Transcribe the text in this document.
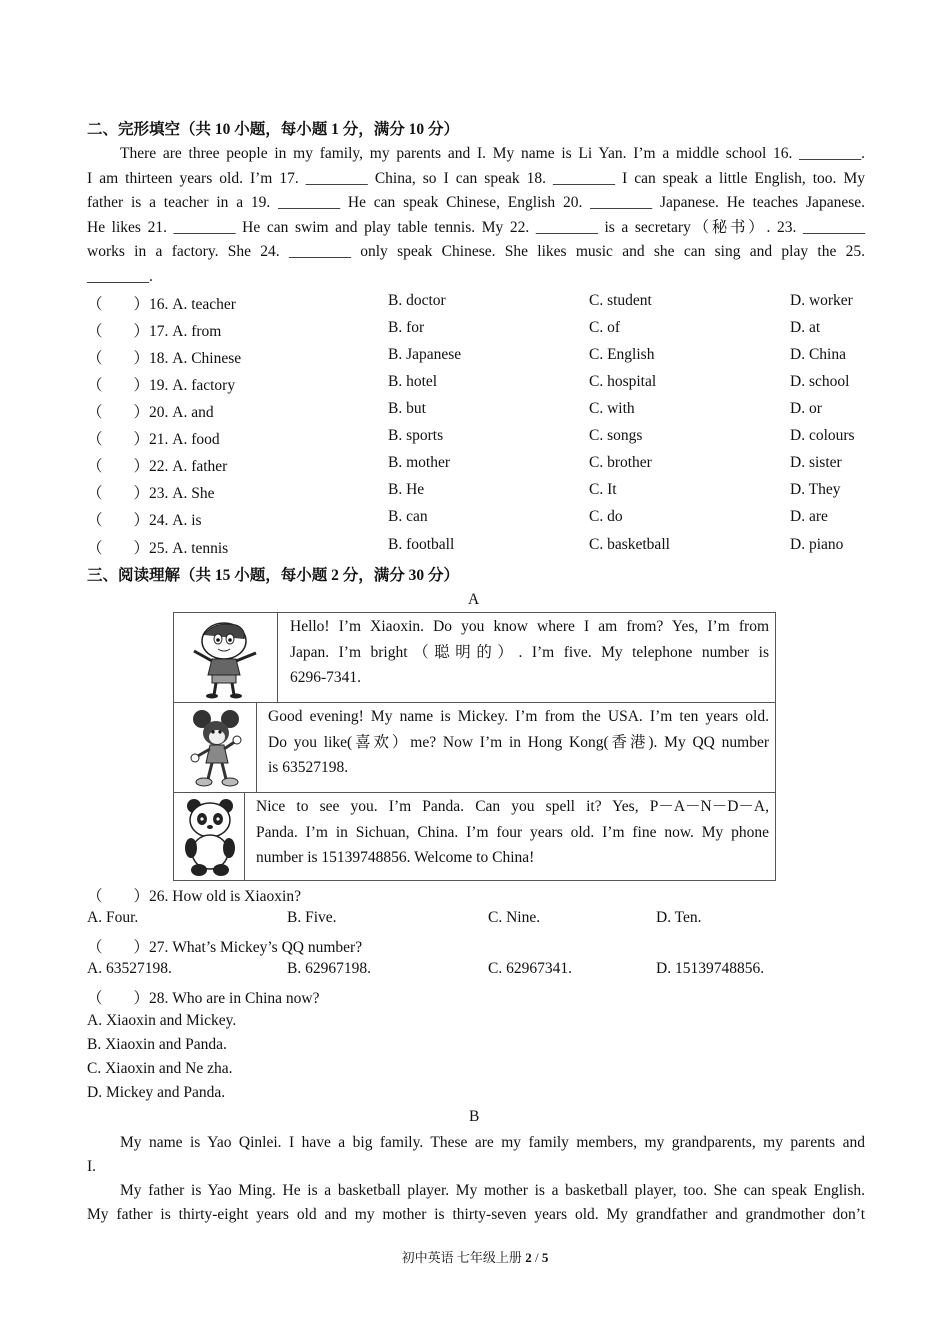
二、完形填空（共 10 小题，每小题 1 分，满分 10 分）
There are three people in my family, my parents and I. My name is Li Yan. I’m a middle school 16. ________.
I am thirteen years old. I’m 17. ________ China, so I can speak 18. ________ I can speak a little English, too. My
father is a teacher in a 19. ________ He can speak Chinese, English 20. ________ Japanese. He teaches Japanese.
He likes 21. ________ He can swim and play table tennis. My 22. ________ is a secretary（秘书）. 23. ________
works in a factory. She 24. ________ only speak Chinese. She likes music and she can sing and play the 25.
________.
（　　）16. A. teacher	B. doctor	C. student	D. worker
（　　）17. A. from	B. for	C. of	D. at
（　　）18. A. Chinese	B. Japanese	C. English	D. China
（　　）19. A. factory	B. hotel	C. hospital	D. school
（　　）20. A. and	B. but	C. with	D. or
（　　）21. A. food	B. sports	C. songs	D. colours
（　　）22. A. father	B. mother	C. brother	D. sister
（　　）23. A. She	B. He	C. It	D. They
（　　）24. A. is	B. can	C. do	D. are
（　　）25. A. tennis	B. football	C. basketball	D. piano
三、阅读理解（共 15 小题，每小题 2 分，满分 30 分）
A
Hello! I’m Xiaoxin. Do you know where I am from? Yes, I’m from
Japan. I’m bright（聪明的）. I’m five. My telephone number is
6296-7341.
Good evening! My name is Mickey. I’m from the USA. I’m ten years old.
Do you like(喜欢）me? Now I’m in Hong Kong(香港). My QQ number
is 63527198.
Nice to see you. I’m Panda. Can you spell it? Yes, P－A－N－D－A,
Panda. I’m in Sichuan, China. I’m four years old. I’m fine now. My phone
number is 15139748856. Welcome to China!
（　　）26. How old is Xiaoxin?
A. Four.	B. Five.	C. Nine.	D. Ten.
（　　）27. What’s Mickey’s QQ number?
A. 63527198.	B. 62967198.	C. 62967341.	D. 15139748856.
（　　）28. Who are in China now?
A. Xiaoxin and Mickey.
B. Xiaoxin and Panda.
C. Xiaoxin and Ne zha.
D. Mickey and Panda.
B
My name is Yao Qinlei. I have a big family. These are my family members, my grandparents, my parents and
I.
My father is Yao Ming. He is a basketball player. My mother is a basketball player, too. She can speak English.
My father is thirty-eight years old and my mother is thirty-seven years old. My grandfather and grandmother don’t
初中英语 七年级上册 2 / 5
